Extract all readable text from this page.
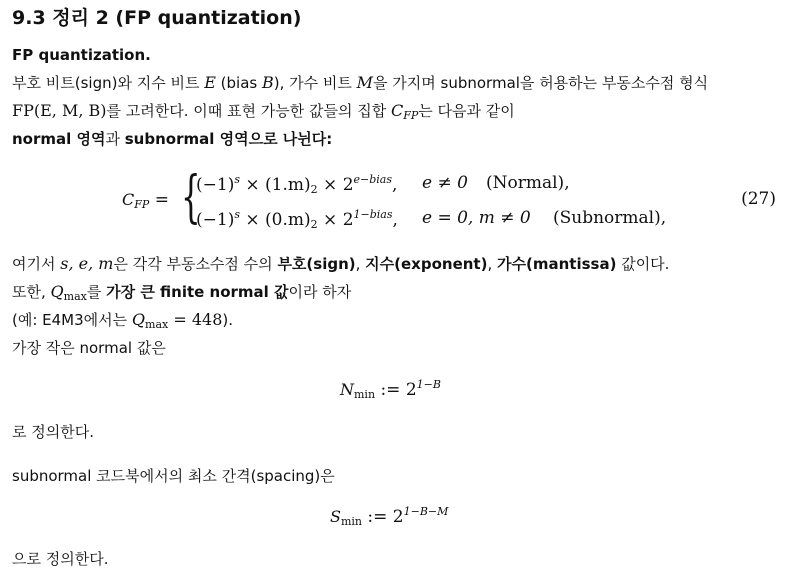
9.3 정리 2 (FP quantization)
FP quantization.
부호 비트(sign)와 지수 비트 E (bias B), 가수 비트 M을 가지며 subnormal을 허용하는 부동소수점 형식
FP(E, M, B)를 고려한다. 이때 표현 가능한 값들의 집합 $C_{FP}$는 다음과 같이
normal 영역과 subnormal 영역으로 나뉜다:
$C_{FP}$ = {
$(-1)^s \times (1.m)_2 \times 2^{e-bias}$, e ≠ 0 (Normal),
$(-1)^s \times (0.m)_2 \times 2^{1-bias}$, e = 0, m ≠ 0 (Subnormal),
(27)
여기서 s, e, m은 각각 부동소수점 수의 부호(sign), 지수(exponent), 가수(mantissa) 값이다.
또한, $Q_{max}$를 가장 큰 finite normal 값이라 하자
(예: E4M3에서는 $Q_{max} = 448$).
가장 작은 normal 값은
$N_{min}$ := $2^{1-B}$
로 정의한다.
subnormal 코드북에서의 최소 간격(spacing)은
$S_{min}$ := $2^{1-B-M}$
으로 정의한다.
